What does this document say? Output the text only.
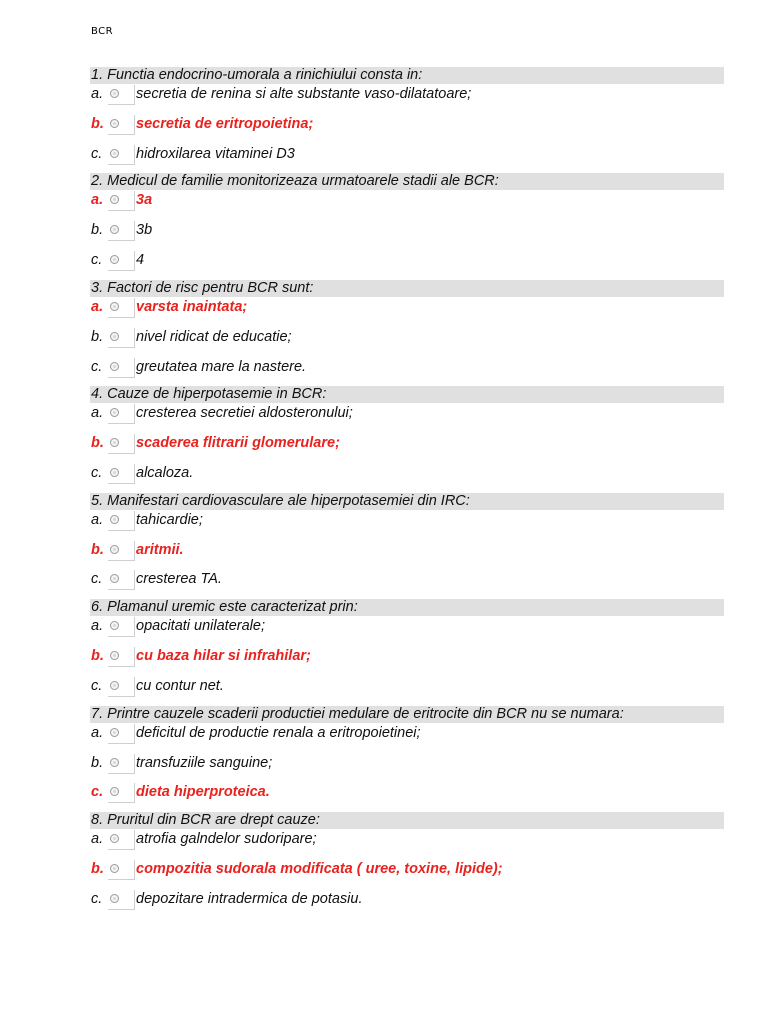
BCR
1. Functia endocrino-umorala a rinichiului consta in:
a. secretia de renina si alte substante vaso-dilatatoare;
b. secretia de eritropoietina;
c. hidroxilarea vitaminei D3
2. Medicul de familie monitorizeaza urmatoarele stadii ale BCR:
a. 3a
b. 3b
c. 4
3. Factori de risc pentru BCR sunt:
a. varsta inaintata;
b. nivel ridicat de educatie;
c. greutatea mare la nastere.
4. Cauze de hiperpotasemie in BCR:
a. cresterea secretiei aldosteronului;
b. scaderea flitrarii glomerulare;
c. alcaloza.
5. Manifestari cardiovasculare ale hiperpotasemiei din IRC:
a. tahicardie;
b. aritmii.
c. cresterea TA.
6. Plamanul uremic este caracterizat prin:
a. opacitati unilaterale;
b. cu baza hilar si infrahilar;
c. cu contur net.
7. Printre cauzele scaderii productiei medulare de eritrocite din BCR nu se numara:
a. deficitul de productie renala a eritropoietinei;
b. transfuziile sanguine;
c. dieta hiperproteica.
8. Pruritul din BCR are drept cauze:
a. atrofia galndelor sudoripare;
b. compozitia sudorala modificata ( uree, toxine, lipide);
c. depozitare intradermica de potasiu.
